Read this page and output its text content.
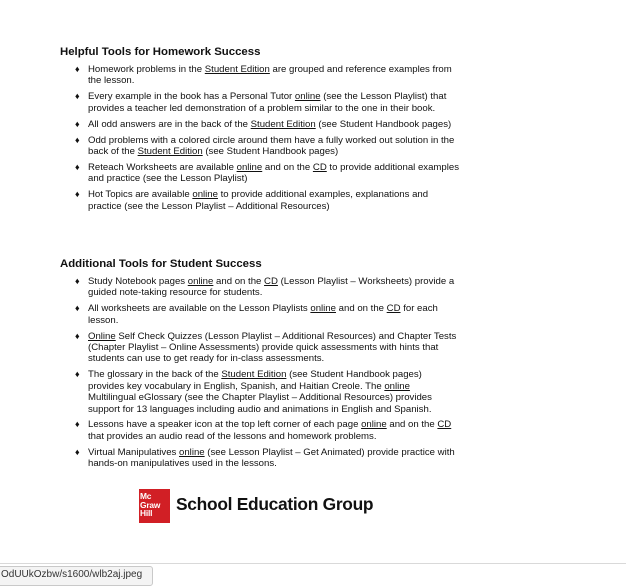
Helpful Tools for Homework Success
♦ Homework problems in the Student Edition are grouped and reference examples from the lesson.
♦ Every example in the book has a Personal Tutor online (see the Lesson Playlist) that provides a teacher led demonstration of a problem similar to the one in their book.
♦ All odd answers are in the back of the Student Edition (see Student Handbook pages)
♦ Odd problems with a colored circle around them have a fully worked out solution in the back of the Student Edition (see Student Handbook pages)
♦ Reteach Worksheets are available online and on the CD to provide additional examples and practice (see the Lesson Playlist)
♦ Hot Topics are available online to provide additional examples, explanations and practice (see the Lesson Playlist – Additional Resources)
Additional Tools for Student Success
♦ Study Notebook pages online and on the CD (Lesson Playlist – Worksheets) provide a guided note-taking resource for students.
♦ All worksheets are available on the Lesson Playlists online and on the CD for each lesson.
♦ Online Self Check Quizzes (Lesson Playlist – Additional Resources) and Chapter Tests (Chapter Playlist – Online Assessments) provide quick assessments with hints that students can use to get ready for in-class assessments.
♦ The glossary in the back of the Student Edition (see Student Handbook pages) provides key vocabulary in English, Spanish, and Haitian Creole. The online Multilingual eGlossary (see the Chapter Playlist – Additional Resources) provides support for 13 languages including audio and animations in English and Spanish.
♦ Lessons have a speaker icon at the top left corner of each page online and on the CD that provides an audio read of the lessons and homework problems.
♦ Virtual Manipulatives online (see Lesson Playlist – Get Animated) provide practice with hands-on manipulatives used in the lessons.
Mc
Graw
Hill	School Education Group
OdUUkOzbw/s1600/wlb2aj.jpeg
